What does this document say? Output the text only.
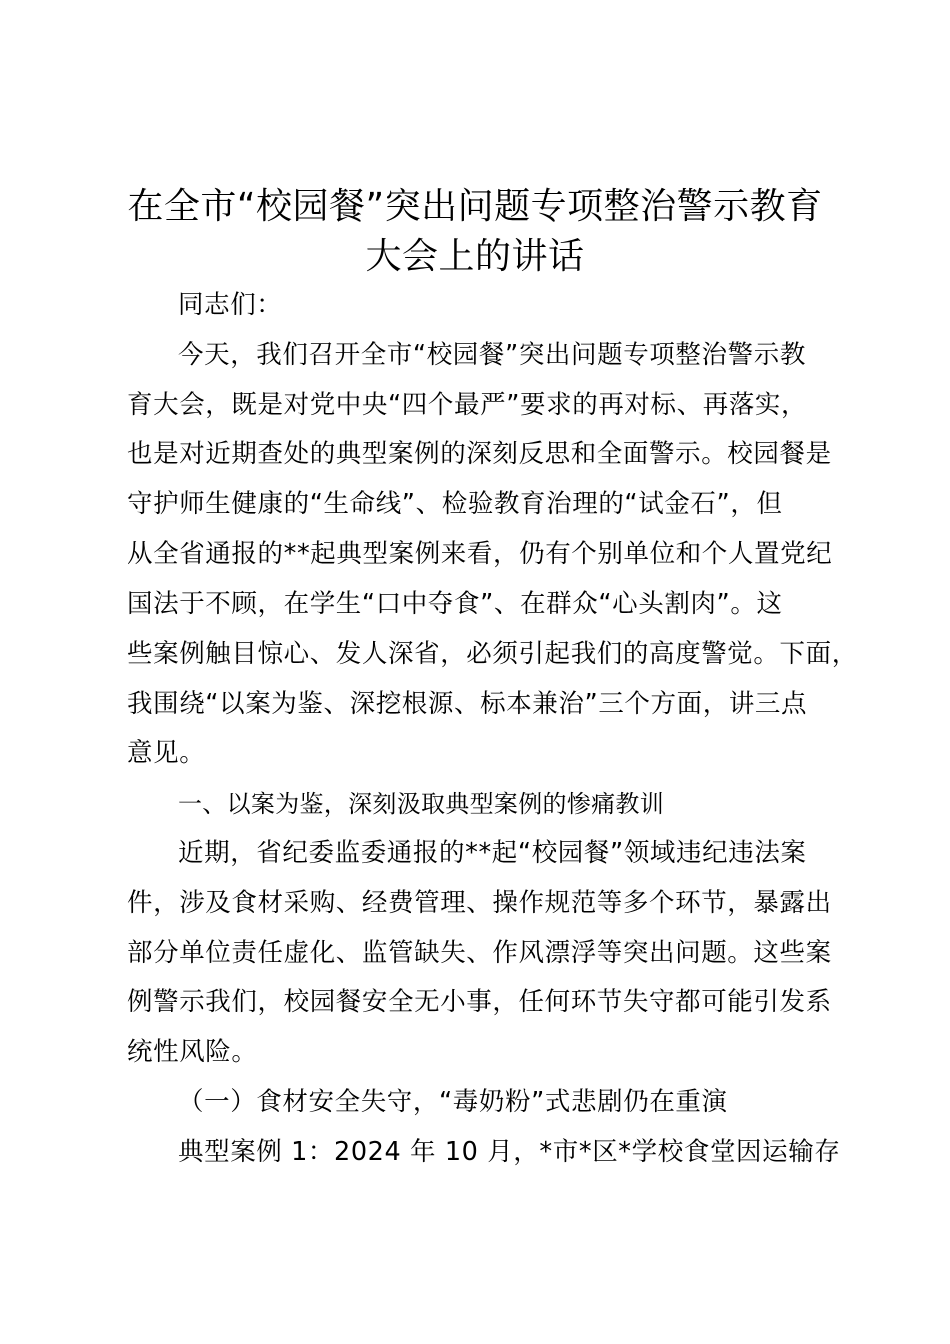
在全市“校园餐”突出问题专项整治警示教育
大会上的讲话
同志们：
今天，我们召开全市“校园餐”突出问题专项整治警示教
育大会，既是对党中央“四个最严”要求的再对标、再落实，
也是对近期查处的典型案例的深刻反思和全面警示。校园餐是
守护师生健康的“生命线”、检验教育治理的“试金石”，但
从全省通报的**起典型案例来看，仍有个别单位和个人置党纪
国法于不顾，在学生“口中夺食”、在群众“心头割肉”。这
些案例触目惊心、发人深省，必须引起我们的高度警觉。下面，
我围绕“以案为鉴、深挖根源、标本兼治”三个方面，讲三点
意见。
一、以案为鉴，深刻汲取典型案例的惨痛教训
近期，省纪委监委通报的**起“校园餐”领域违纪违法案
件，涉及食材采购、经费管理、操作规范等多个环节，暴露出
部分单位责任虚化、监管缺失、作风漂浮等突出问题。这些案
例警示我们，校园餐安全无小事，任何环节失守都可能引发系
统性风险。
（一）食材安全失守，“毒奶粉”式悲剧仍在重演
典型案例 1：2024 年 10 月，*市*区*学校食堂因运输存
